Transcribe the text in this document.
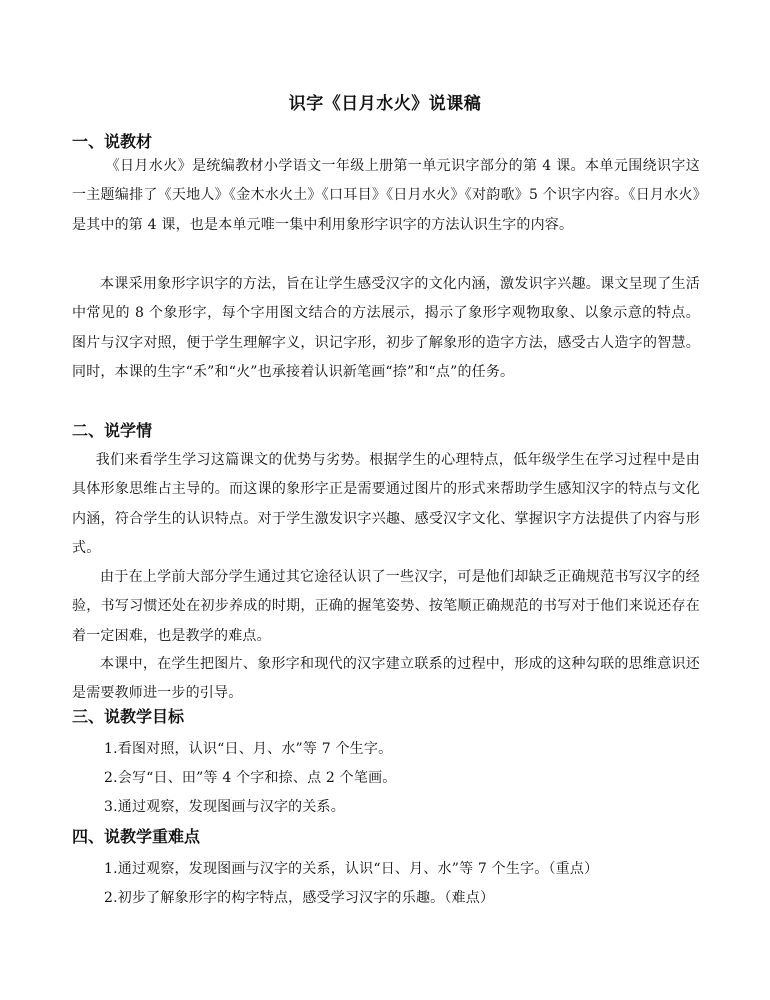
识字《日月水火》说课稿
一、说教材
《日月水火》是统编教材小学语文一年级上册第一单元识字部分的第 4 课。本单元围绕识字这一主题编排了《天地人》《金木水火土》《口耳目》《日月水火》《对韵歌》5 个识字内容。《日月水火》是其中的第 4 课，也是本单元唯一集中利用象形字识字的方法认识生字的内容。
本课采用象形字识字的方法，旨在让学生感受汉字的文化内涵，激发识字兴趣。课文呈现了生活中常见的 8 个象形字，每个字用图文结合的方法展示，揭示了象形字观物取象、以象示意的特点。图片与汉字对照，便于学生理解字义，识记字形，初步了解象形的造字方法，感受古人造字的智慧。同时，本课的生字“禾”和“火”也承接着认识新笔画“捺”和“点”的任务。
二、说学情
我们来看学生学习这篇课文的优势与劣势。根据学生的心理特点，低年级学生在学习过程中是由具体形象思维占主导的。而这课的象形字正是需要通过图片的形式来帮助学生感知汉字的特点与文化内涵，符合学生的认识特点。对于学生激发识字兴趣、感受汉字文化、掌握识字方法提供了内容与形式。
由于在上学前大部分学生通过其它途径认识了一些汉字，可是他们却缺乏正确规范书写汉字的经验，书写习惯还处在初步养成的时期，正确的握笔姿势、按笔顺正确规范的书写对于他们来说还存在着一定困难，也是教学的难点。
本课中，在学生把图片、象形字和现代的汉字建立联系的过程中，形成的这种勾联的思维意识还是需要教师进一步的引导。
三、说教学目标
1.看图对照，认识“日、月、水”等 7 个生字。
2.会写“日、田”等 4 个字和捺、点 2 个笔画。
3.通过观察，发现图画与汉字的关系。
四、说教学重难点
1.通过观察，发现图画与汉字的关系，认识“日、月、水”等 7 个生字。（重点）
2.初步了解象形字的构字特点，感受学习汉字的乐趣。（难点）
